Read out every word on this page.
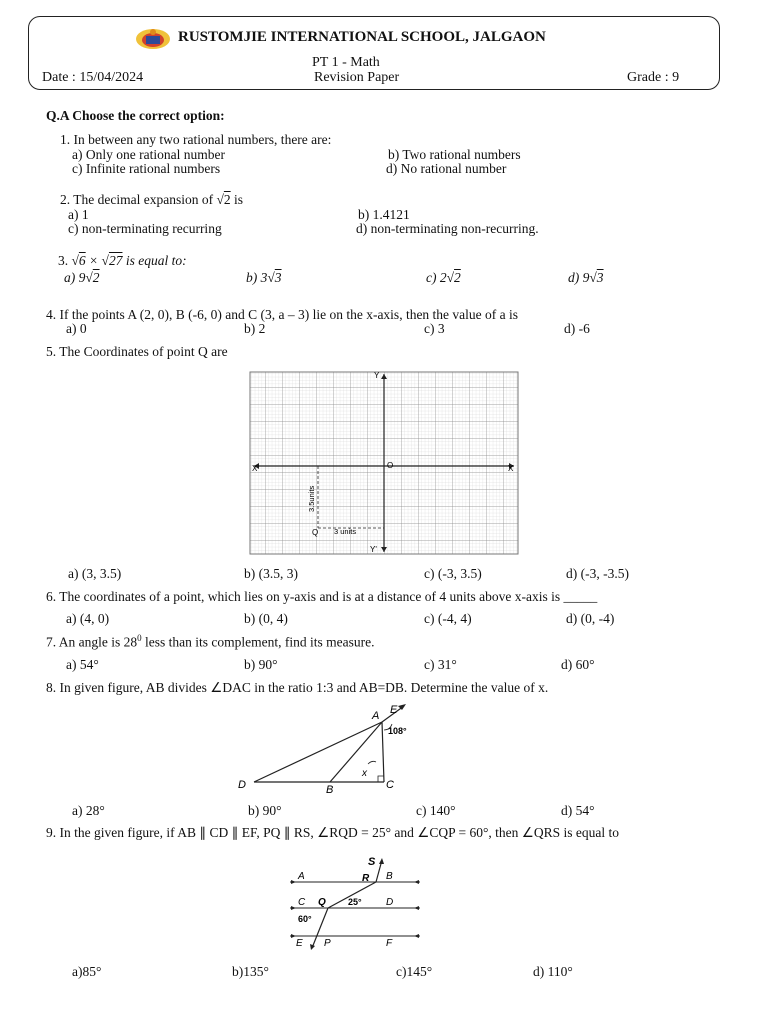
RUSTOMJIE INTERNATIONAL SCHOOL, JALGAON
PT 1 - Math
Date : 15/04/2024	Revision Paper	Grade : 9
Q.A Choose the correct option:
1. In between any two rational numbers, there are:
a) Only one rational number	b) Two rational numbers
c) Infinite rational numbers	d) No rational number
2. The decimal expansion of √2 is
a) 1	b) 1.4121
c) non-terminating recurring	d) non-terminating non-recurring.
3. √6 × √27 is equal to:
a) 9√2	b) 3√3	c) 2√2	d) 9√3
4. If the points A (2, 0), B (-6, 0) and C (3, a – 3) lie on the x-axis, then the value of a is
a) 0	b) 2	c) 3	d) -6
5. The Coordinates of point Q are
Y
Y'
X'	X
O
Q 3 units
3.5units
a) (3, 3.5)	b) (3.5, 3)	c) (-3, 3.5)	d) (-3, -3.5)
6. The coordinates of a point, which lies on y-axis and is at a distance of 4 units above x-axis is _____
a) (4, 0)	b) (0, 4)	c) (-4, 4)	d) (0, -4)
7. An angle is $28^0$ less than its complement, find its measure.
a) 54°	b) 90°	c) 31°	d) 60°
8. In given figure, AB divides ∠DAC in the ratio 1:3 and AB=DB. Determine the value of x.
D	B	C
A E
x
108°
a) 28°	b) 90°	c) 140°	d) 54°
9. In the given figure, if AB ∥ CD ∥ EF, PQ ∥ RS, ∠RQD = 25° and ∠CQP = 60°, then ∠QRS is equal to
S
A	R B
C Q 25° D
60°
E P	F
a)85°	b)135°	c)145°	d) 110°
